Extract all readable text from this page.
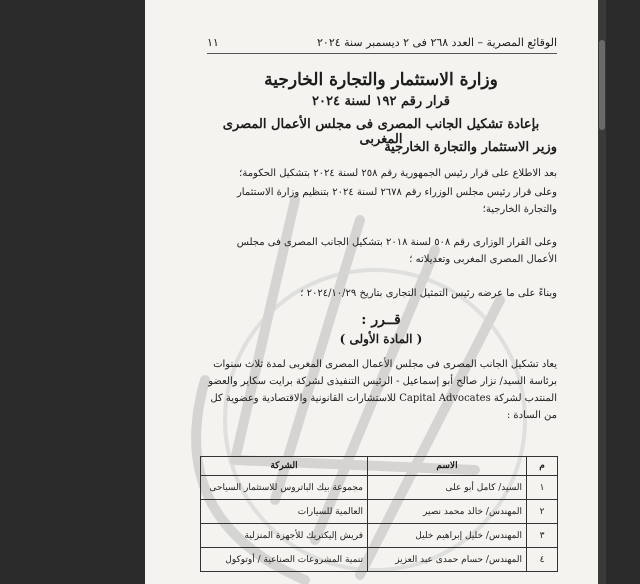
الوقائع المصرية – العدد ٢٦٨ فى ٢ ديسمبر سنة ٢٠٢٤
١١
وزارة الاستثمار والتجارة الخارجية
قرار رقم ١٩٢ لسنة ٢٠٢٤
بإعادة تشكيل الجانب المصرى فى مجلس الأعمال المصرى المغربى
وزير الاستثمار والتجارة الخارجية
بعد الاطلاع على قرار رئيس الجمهورية رقم ٢٥٨ لسنة ٢٠٢٤ بتشكيل الحكومة؛
وعلى قرار رئيس مجلس الوزراء رقم ٢٦٧٨ لسنة ٢٠٢٤ بتنظيم وزارة الاستثمار والتجارة الخارجية؛
وعلى القرار الوزارى رقم ٥٠٨ لسنة ٢٠١٨ بتشكيل الجانب المصرى فى مجلس الأعمال المصرى المغربى وتعديلاته ؛
وبناءً على ما عرضه رئيس التمثيل التجارى بتاريخ ٢٠٢٤/١٠/٢٩ ؛
قــرر :
( المادة الأولى )
يعاد تشكيل الجانب المصرى فى مجلس الأعمال المصرى المغربى لمدة ثلاث سنوات برئاسة السيد/ نزار صالح أبو إسماعيل - الرئيس التنفيذى لشركة برايت سكاير والعضو المنتدب لشركة Capital Advocates للاستشارات القانونية والاقتصادية وعضوية كل من السادة :
م	الاسم	الشركة
١	السيد/ كامل أبو على	مجموعة بيك الباتروس للاستثمار السياحى
٢	المهندس/ خالد محمد نصير	العالمية للسيارات
٣	المهندس/ خليل إبراهيم خليل	فريش إليكتريك للأجهزة المنزلية
٤	المهندس/ حسام حمدى عبد العزيز	تنمية المشروعات الصناعية / أوتوكول
